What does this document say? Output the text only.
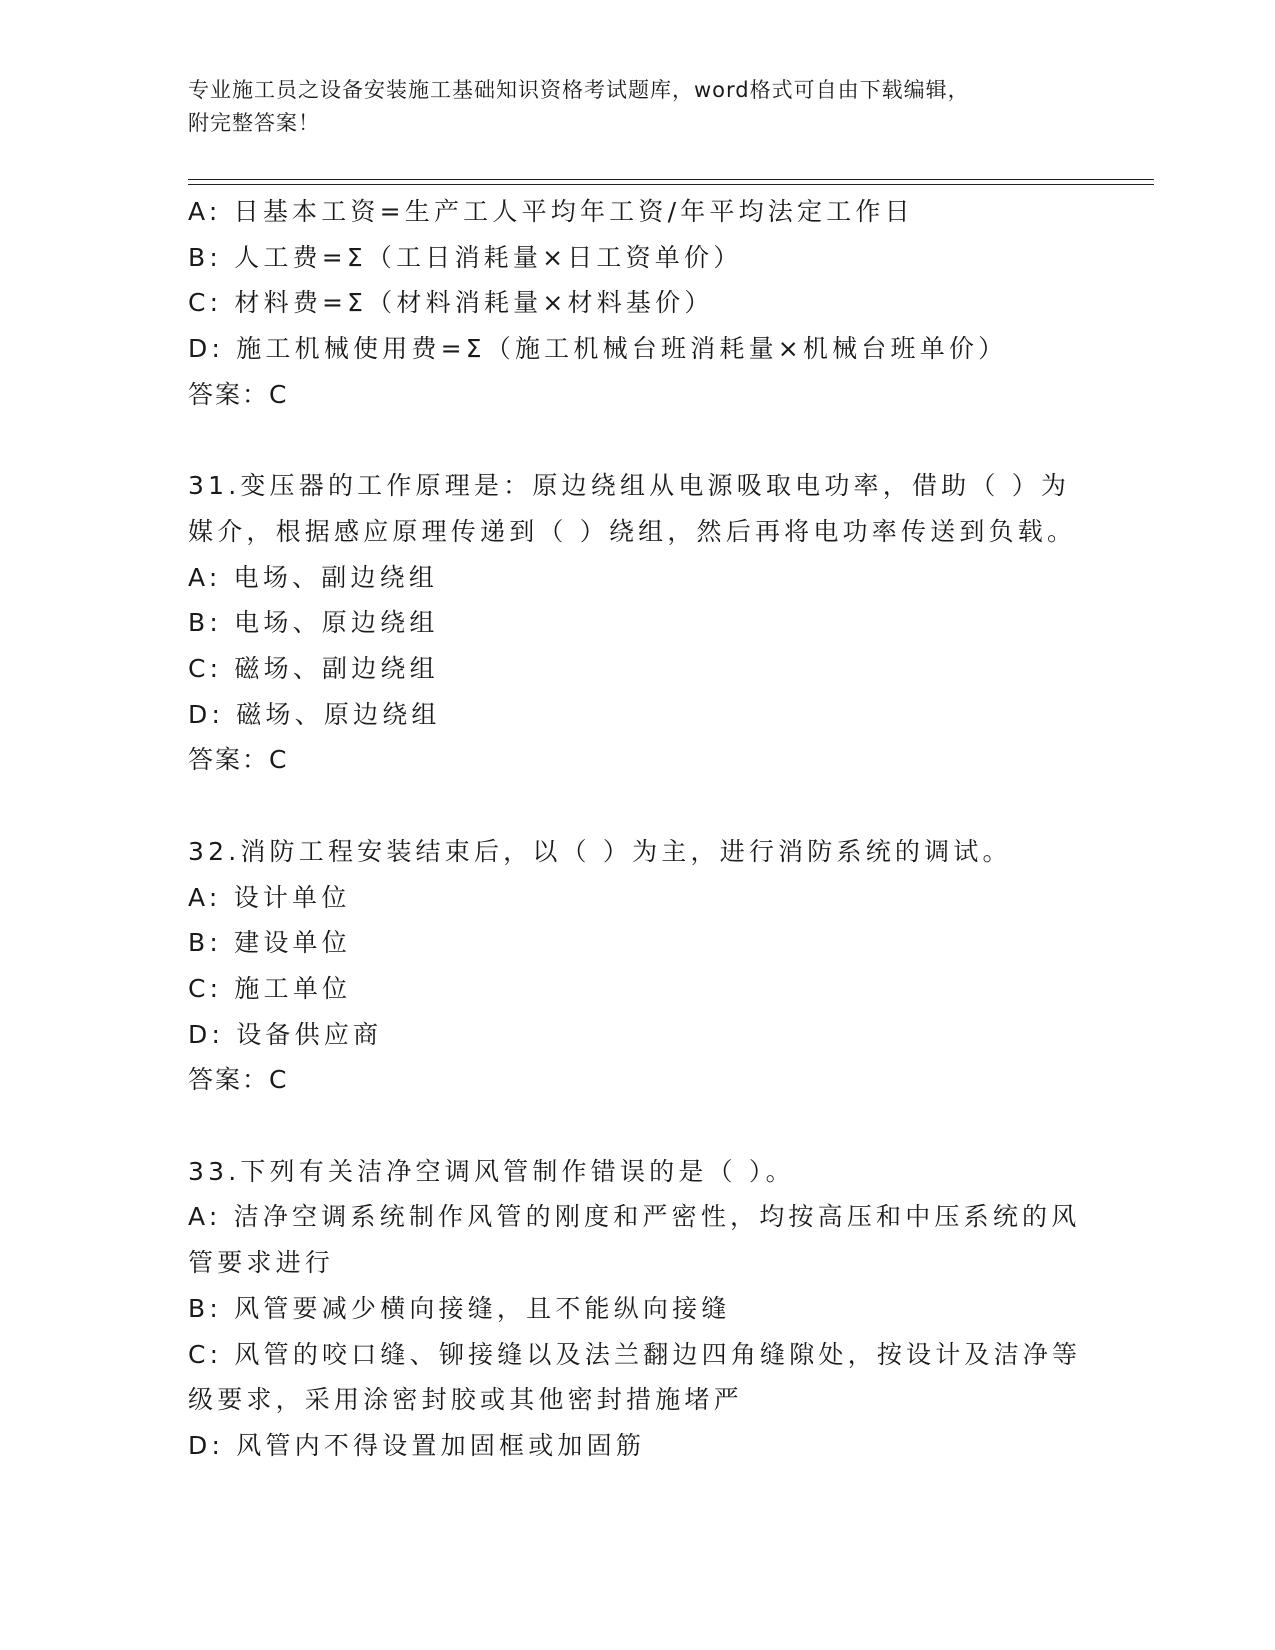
专业施工员之设备安装施工基础知识资格考试题库，word格式可自由下载编辑，
附完整答案！
A: 日基本工资=生产工人平均年工资/年平均法定工作日
B: 人工费=Σ（工日消耗量×日工资单价）
C: 材料费=Σ（材料消耗量×材料基价）
D: 施工机械使用费=Σ（施工机械台班消耗量×机械台班单价）
答案：C
31.变压器的工作原理是：原边绕组从电源吸取电功率，借助（ ）为
媒介，根据感应原理传递到（ ）绕组，然后再将电功率传送到负载。
A: 电场、副边绕组
B: 电场、原边绕组
C: 磁场、副边绕组
D: 磁场、原边绕组
答案：C
32.消防工程安装结束后，以（ ）为主，进行消防系统的调试。
A: 设计单位
B: 建设单位
C: 施工单位
D: 设备供应商
答案：C
33.下列有关洁净空调风管制作错误的是（ ）。
A: 洁净空调系统制作风管的刚度和严密性，均按高压和中压系统的风
管要求进行
B: 风管要减少横向接缝，且不能纵向接缝
C: 风管的咬口缝、铆接缝以及法兰翻边四角缝隙处，按设计及洁净等
级要求，采用涂密封胶或其他密封措施堵严
D: 风管内不得设置加固框或加固筋
